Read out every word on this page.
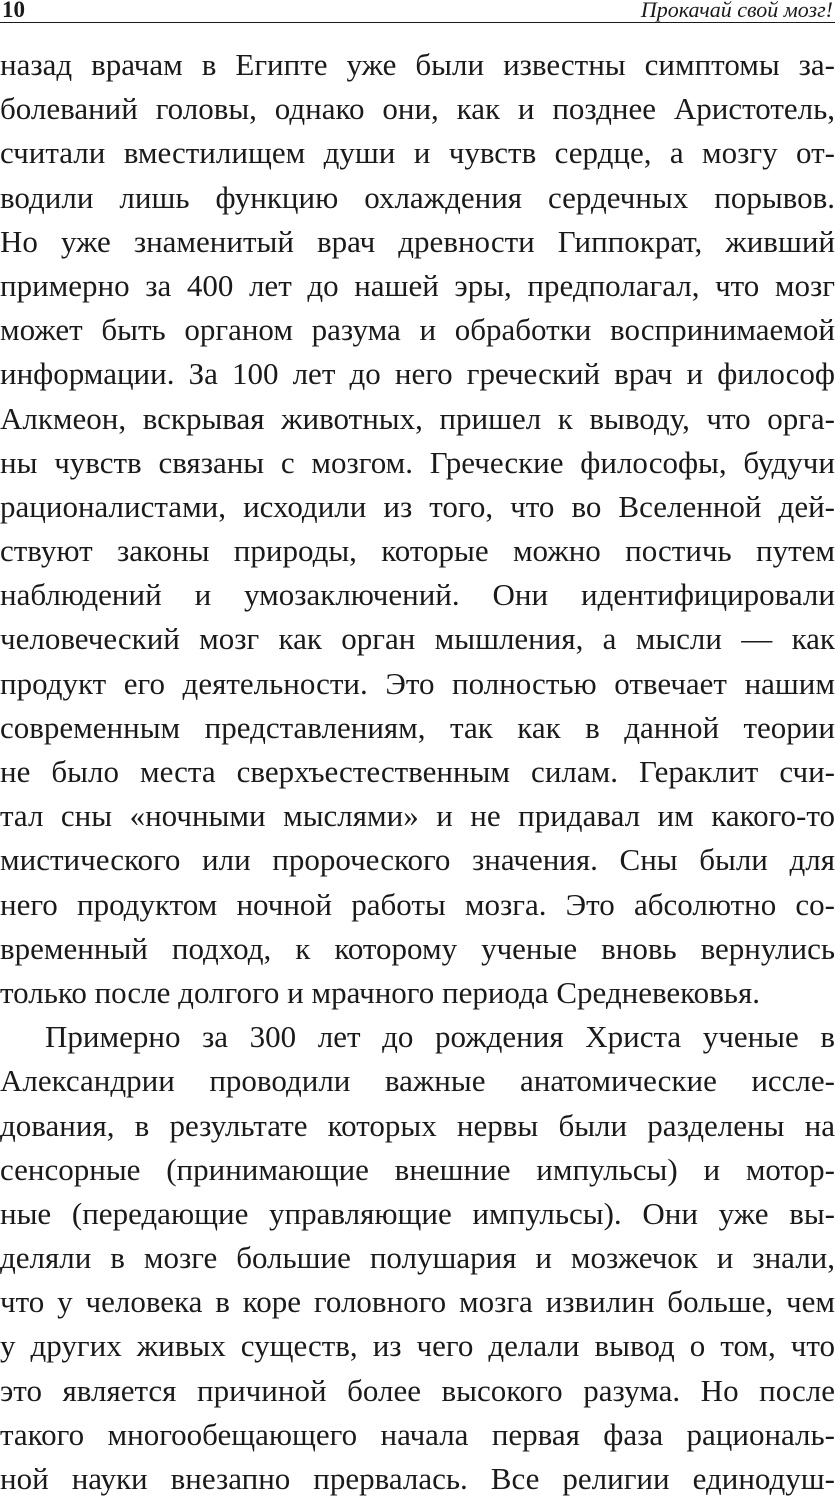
10	Прокачай свой мозг!
назад врачам в Египте уже были известны симптомы за-
болеваний головы, однако они, как и позднее Аристотель,
считали вместилищем души и чувств сердце, а мозгу от-
водили лишь функцию охлаждения сердечных порывов.
Но уже знаменитый врач древности Гиппократ, живший
примерно за 400 лет до нашей эры, предполагал, что мозг
может быть органом разума и обработки воспринимаемой
информации. За 100 лет до него греческий врач и философ
Алкмеон, вскрывая животных, пришел к выводу, что орга-
ны чувств связаны с мозгом. Греческие философы, будучи
рационалистами, исходили из того, что во Вселенной дей-
ствуют законы природы, которые можно постичь путем
наблюдений и умозаключений. Они идентифицировали
человеческий мозг как орган мышления, а мысли — как
продукт его деятельности. Это полностью отвечает нашим
современным представлениям, так как в данной теории
не было места сверхъестественным силам. Гераклит счи-
тал сны «ночными мыслями» и не придавал им какого-то
мистического или пророческого значения. Сны были для
него продуктом ночной работы мозга. Это абсолютно со-
временный подход, к которому ученые вновь вернулись
только после долгого и мрачного периода Средневековья.
Примерно за 300 лет до рождения Христа ученые в
Александрии проводили важные анатомические иссле-
дования, в результате которых нервы были разделены на
сенсорные (принимающие внешние импульсы) и мотор-
ные (передающие управляющие импульсы). Они уже вы-
деляли в мозге большие полушария и мозжечок и знали,
что у человека в коре головного мозга извилин больше, чем
у других живых существ, из чего делали вывод о том, что
это является причиной более высокого разума. Но после
такого многообещающего начала первая фаза рациональ-
ной науки внезапно прервалась. Все религии единодуш-
